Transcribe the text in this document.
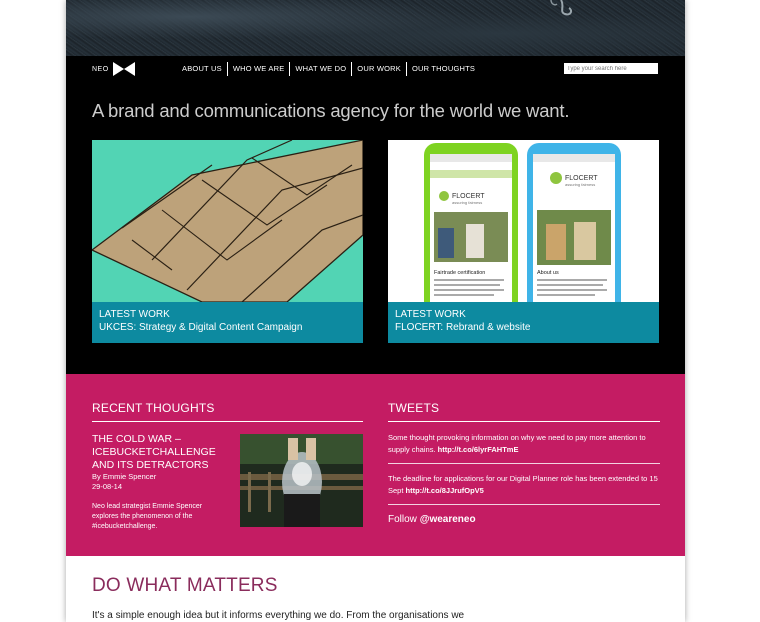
NEO	ABOUT US	WHO WE ARE	WHAT WE DO	OUR WORK	OUR THOUGHTS
Type your search here
A brand and communications agency for the world we want.
LATEST WORK
UKCES: Strategy & Digital Content Campaign
FLOCERT
assuring fairness
Fairtrade certification
FLOCERT
assuring fairness
About us
LATEST WORK
FLOCERT: Rebrand & website
RECENT THOUGHTS
THE COLD WAR – ICEBUCKETCHALLENGE AND ITS DETRACTORS
By Emmie Spencer
29-08-14
Neo lead strategist Emmie Spencer explores the phenomenon of the #icebucketchallenge.
TWEETS
Some thought provoking information on why we need to pay more attention to supply chains. http://t.co/6lyrFAHTmE
The deadline for applications for our Digital Planner role has been extended to 15 Sept http://t.co/8JJrufOpV5
Follow @weareneo
DO WHAT MATTERS
It's a simple enough idea but it informs everything we do. From the organisations we
